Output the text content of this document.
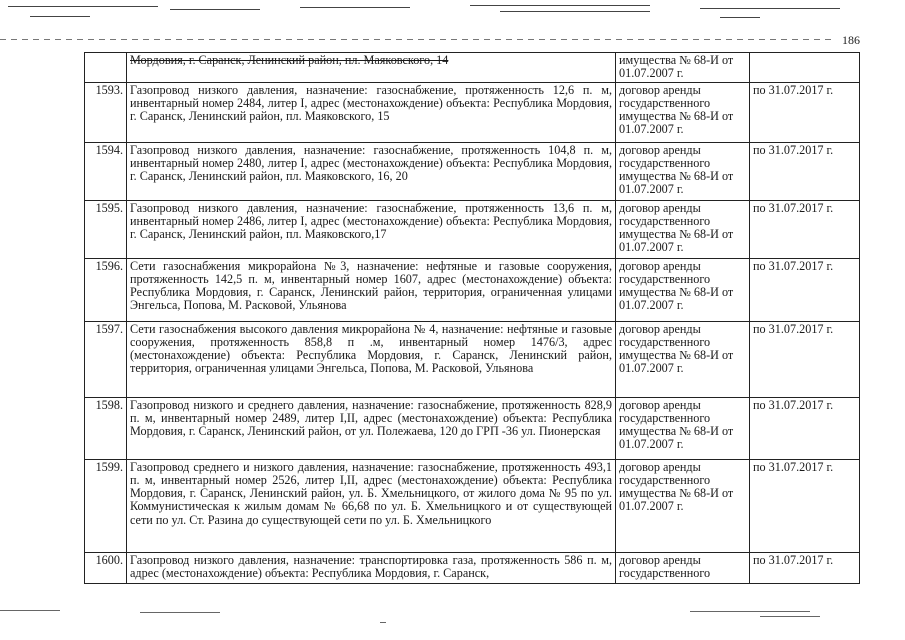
186
	Мордовия, г. Саранск, Ленинский район, пл. Маяковского, 14	имущества № 68-И от 01.07.2007 г.	
1593.	Газопровод низкого давления, назначение: газоснабжение, протяженность 12,6 п. м, инвентарный номер 2484, литер I, адрес (местонахождение) объекта: Республика Мордовия, г. Саранск, Ленинский район, пл. Маяковского, 15	договор аренды государственного имущества № 68-И от 01.07.2007 г.	по 31.07.2017 г.
1594.	Газопровод низкого давления, назначение: газоснабжение, протяженность 104,8 п. м, инвентарный номер 2480, литер I, адрес (местонахождение) объекта: Республика Мордовия, г. Саранск, Ленинский район, пл. Маяковского, 16, 20	договор аренды государственного имущества № 68-И от 01.07.2007 г.	по 31.07.2017 г.
1595.	Газопровод низкого давления, назначение: газоснабжение, протяженность 13,6 п. м, инвентарный номер 2486, литер I, адрес (местонахождение) объекта: Республика Мордовия, г. Саранск, Ленинский район, пл. Маяковского,17	договор аренды государственного имущества № 68-И от 01.07.2007 г.	по 31.07.2017 г.
1596.	Сети газоснабжения микрорайона №3, назначение: нефтяные и газовые сооружения, протяженность 142,5 п. м, инвентарный номер 1607, адрес (местонахождение) объекта: Республика Мордовия, г. Саранск, Ленинский район, территория, ограниченная улицами Энгельса, Попова, М. Расковой, Ульянова	договор аренды государственного имущества № 68-И от 01.07.2007 г.	по 31.07.2017 г.
1597.	Сети газоснабжения высокого давления микрорайона № 4, назначение: нефтяные и газовые сооружения, протяженность 858,8 п .м, инвентарный номер 1476/3, адрес (местонахождение) объекта: Республика Мордовия, г. Саранск, Ленинский район, территория, ограниченная улицами Энгельса, Попова, М. Расковой, Ульянова	договор аренды государственного имущества № 68-И от 01.07.2007 г.	по 31.07.2017 г.
1598.	Газопровод низкого и среднего давления, назначение: газоснабжение, протяженность 828,9 п. м, инвентарный номер 2489, литер I,II, адрес (местонахождение) объекта: Республика Мордовия, г. Саранск, Ленинский район, от ул. Полежаева, 120 до ГРП -36 ул. Пионерская	договор аренды государственного имущества № 68-И от 01.07.2007 г.	по 31.07.2017 г.
1599.	Газопровод среднего и низкого давления, назначение: газоснабжение, протяженность 493,1 п. м, инвентарный номер 2526, литер I,II, адрес (местонахождение) объекта: Республика Мордовия, г. Саранск, Ленинский район, ул. Б. Хмельницкого, от жилого дома № 95 по ул. Коммунистическая к жилым домам № 66,68 по ул. Б. Хмельницкого и от существующей сети по ул. Ст. Разина до существующей сети по ул. Б. Хмельницкого	договор аренды государственного имущества № 68-И от 01.07.2007 г.	по 31.07.2017 г.
1600.	Газопровод низкого давления, назначение: транспортировка газа, протяженность 586 п. м, адрес (местонахождение) объекта: Республика Мордовия, г. Саранск,	договор аренды государственного	по 31.07.2017 г.
